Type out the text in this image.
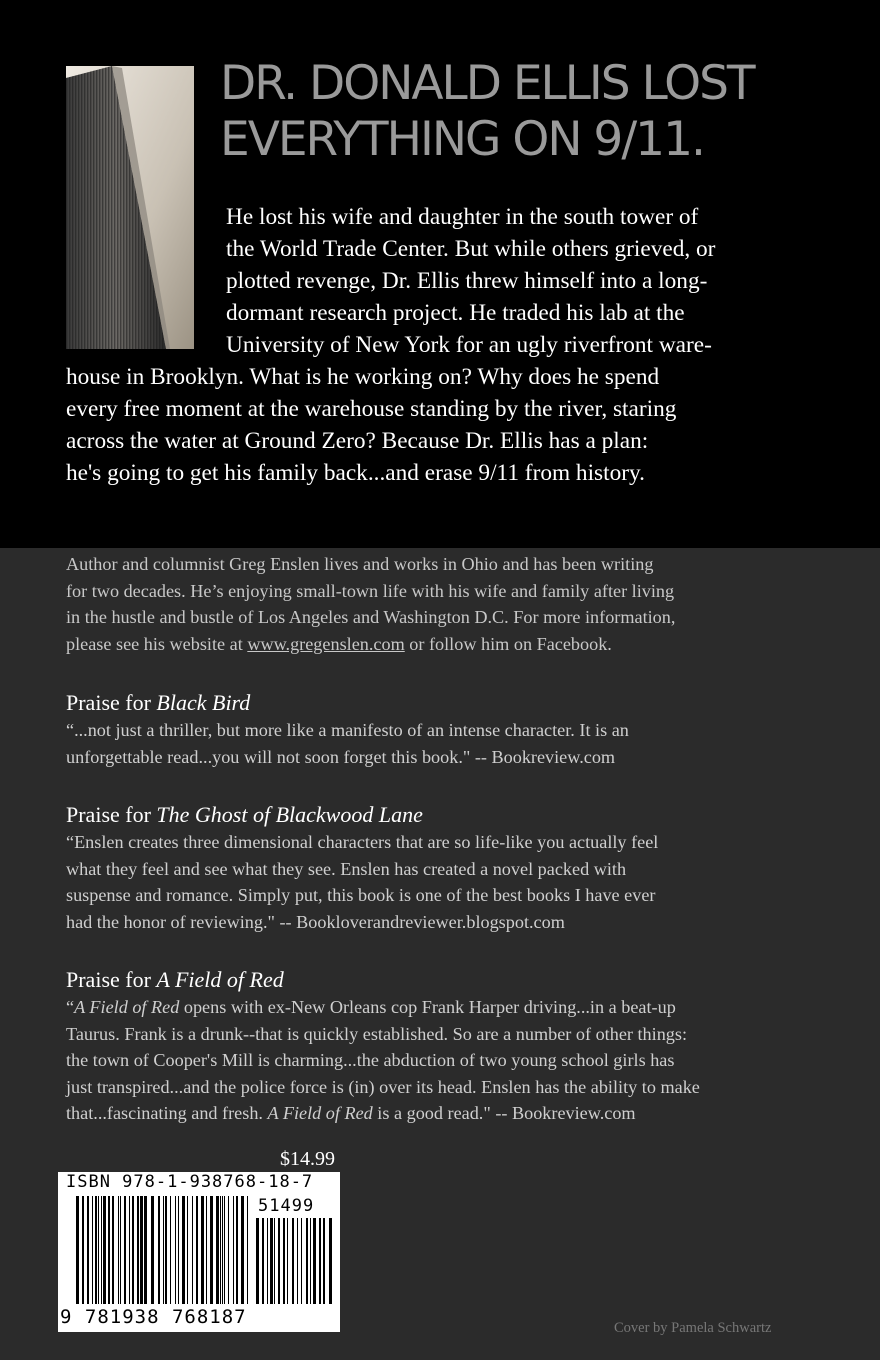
DR. DONALD ELLIS LOST
EVERYTHING ON 9/11.
He lost his wife and daughter in the south tower of
the World Trade Center. But while others grieved, or
plotted revenge, Dr. Ellis threw himself into a long-
dormant research project. He traded his lab at the
University of New York for an ugly riverfront ware-
house in Brooklyn. What is he working on? Why does he spend
every free moment at the warehouse standing by the river, staring
across the water at Ground Zero? Because Dr. Ellis has a plan:
he's going to get his family back...and erase 9/11 from history.
Author and columnist Greg Enslen lives and works in Ohio and has been writing
for two decades. He’s enjoying small-town life with his wife and family after living
in the hustle and bustle of Los Angeles and Washington D.C. For more information,
please see his website at www.gregenslen.com or follow him on Facebook.
Praise for Black Bird
“...not just a thriller, but more like a manifesto of an intense character. It is an
unforgettable read...you will not soon forget this book." -- Bookreview.com
Praise for The Ghost of Blackwood Lane
“Enslen creates three dimensional characters that are so life-like you actually feel
what they feel and see what they see. Enslen has created a novel packed with
suspense and romance. Simply put, this book is one of the best books I have ever
had the honor of reviewing." -- Bookloverandreviewer.blogspot.com
Praise for A Field of Red
“A Field of Red opens with ex-New Orleans cop Frank Harper driving...in a beat-up
Taurus. Frank is a drunk--that is quickly established. So are a number of other things:
the town of Cooper's Mill is charming...the abduction of two young school girls has
just transpired...and the police force is (in) over its head. Enslen has the ability to make
that...fascinating and fresh. A Field of Red is a good read." -- Bookreview.com
$14.99
ISBN 978-1-938768-18-7
51499
9 781938 768187	Cover by Pamela Schwartz
